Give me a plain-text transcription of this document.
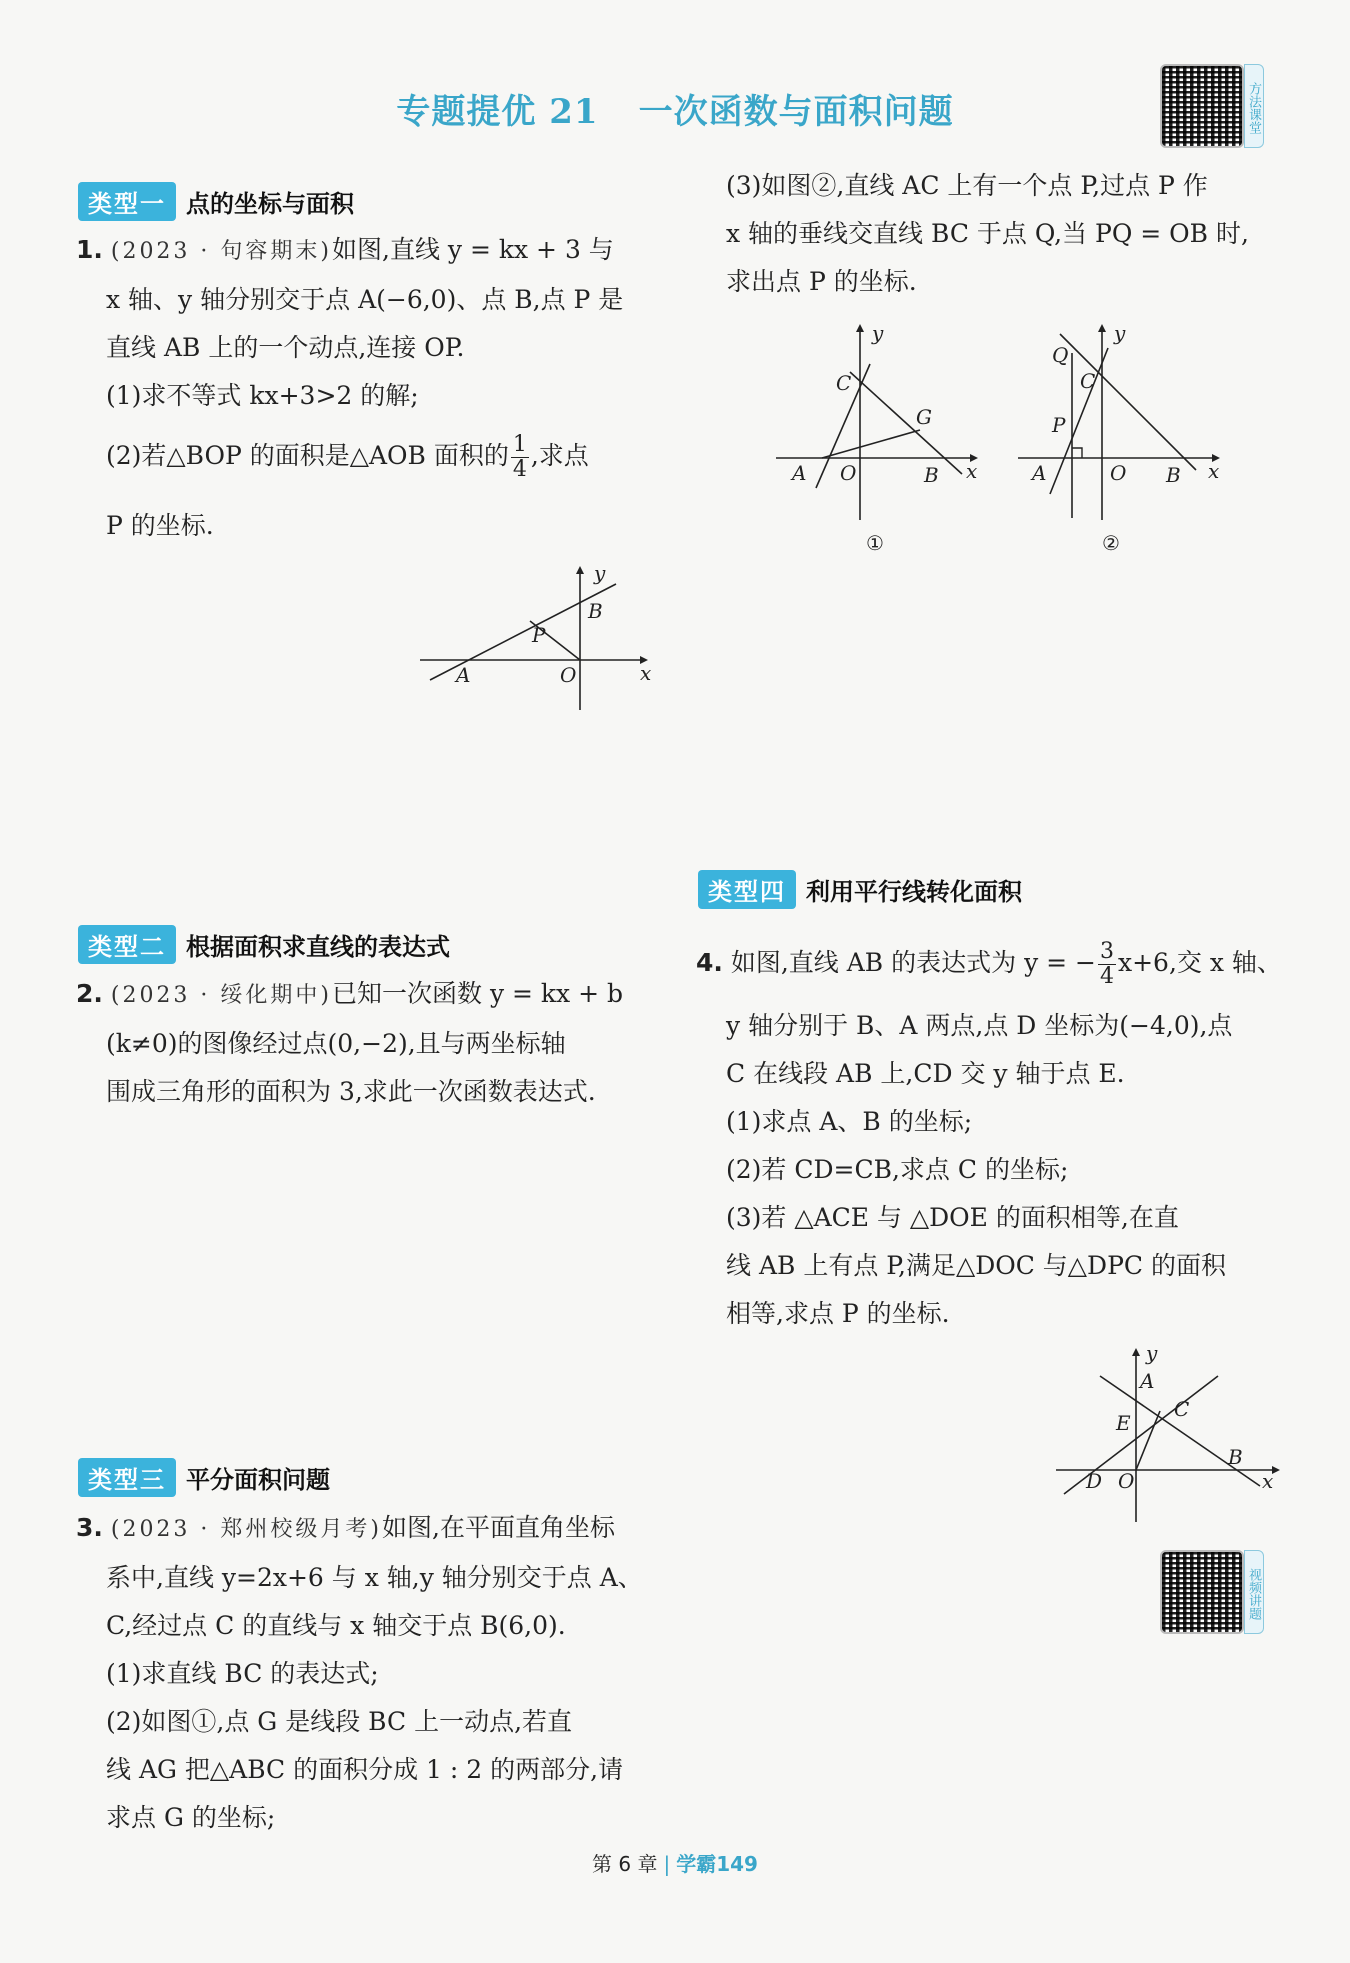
专题提优 21 一次函数与面积问题	方法课堂
类型一 点的坐标与面积

1. (2023 · 句容期末)如图,直线 y = kx + 3 与

x 轴、y 轴分别交于点 A(−6,0)、点 B,点 P 是

直线 AB 上的一个动点,连接 OP.

(1)求不等式 kx+3>2 的解;

(2)若△BOP 的面积是△AOB 面积的 $\frac{1}{4}$ ,求点

P 的坐标.

y
x
O
A
B
P
类型二 根据面积求直线的表达式

2. (2023 · 绥化期中)已知一次函数 y = kx + b

(k≠0)的图像经过点(0,−2),且与两坐标轴

围成三角形的面积为 3,求此一次函数表达式.

类型三 平分面积问题

3. (2023 · 郑州校级月考)如图,在平面直角坐标

系中,直线 y=2x+6 与 x 轴,y 轴分别交于点 A、

C,经过点 C 的直线与 x 轴交于点 B(6,0).

(1)求直线 BC 的表达式;

(2)如图①,点 G 是线段 BC 上一动点,若直

线 AG 把△ABC 的面积分成 1 : 2 的两部分,请

求点 G 的坐标;

(3)如图②,直线 AC 上有一个点 P,过点 P 作

x 轴的垂线交直线 BC 于点 Q,当 PQ = OB 时,

求出点 P 的坐标.

y
x
O
A	B
C
G
①
y
x
O
A	B
C
P
Q
②
类型四 利用平行线转化面积

4. 如图,直线 AB 的表达式为 y = − $\frac{3}{4} x+6$,交 x 轴、

y 轴分别于 B、A 两点,点 D 坐标为(−4,0),点

C 在线段 AB 上,CD 交 y 轴于点 E.

(1)求点 A、B 的坐标;

(2)若 CD=CB,求点 C 的坐标;

(3)若 △ACE 与 △DOE 的面积相等,在直

线 AB 上有点 P,满足△DOC 与△DPC 的面积

相等,求点 P 的坐标.

y
x
O
A
B
C
D
E
视频讲题
第 6 章 | 学霸149
